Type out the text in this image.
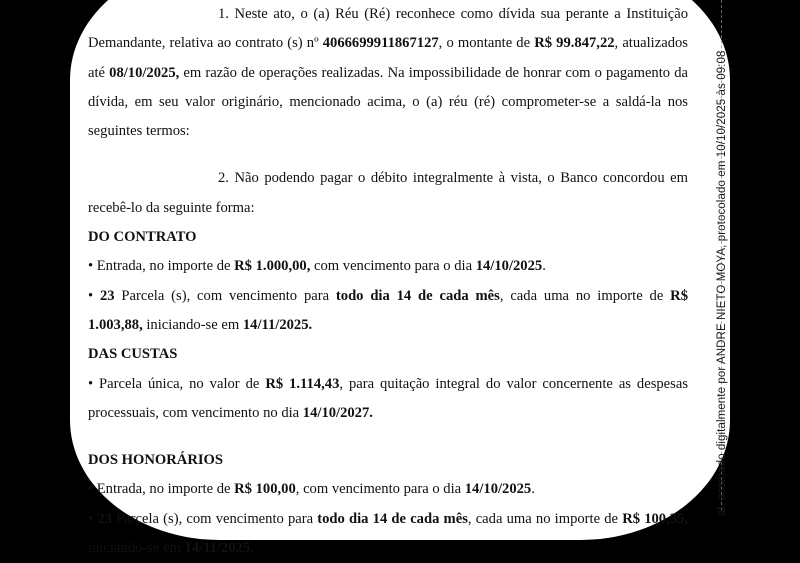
1. Neste ato, o (a) Réu (Ré) reconhece como dívida sua perante a Instituição Demandante, relativa ao contrato (s) nº 4066699911867127, o montante de R$ 99.847,22, atualizados até 08/10/2025, em razão de operações realizadas. Na impossibilidade de honrar com o pagamento da dívida, em seu valor originário, mencionado acima, o (a) réu (ré) comprometer-se a saldá-la nos seguintes termos:

2. Não podendo pagar o débito integralmente à vista, o Banco concordou em recebê-lo da seguinte forma:

DO CONTRATO

• Entrada, no importe de R$ 1.000,00, com vencimento para o dia 14/10/2025.

• 23 Parcela (s), com vencimento para todo dia 14 de cada mês, cada uma no importe de R$ 1.003,88, iniciando-se em 14/11/2025.

DAS CUSTAS

• Parcela única, no valor de R$ 1.114,43, para quitação integral do valor concernente as despesas processuais, com vencimento no dia 14/10/2027.

DOS HONORÁRIOS

• Entrada, no importe de R$ 100,00, com vencimento para o dia 14/10/2025.

• 23 Parcela (s), com vencimento para todo dia 14 de cada mês, cada uma no importe de R$ 100,35, iniciando-se em 14/11/2025.

al, assinado digitalmente por ANDRE NIETO MOYA, protocolado em 10/10/2025 às 09:08
